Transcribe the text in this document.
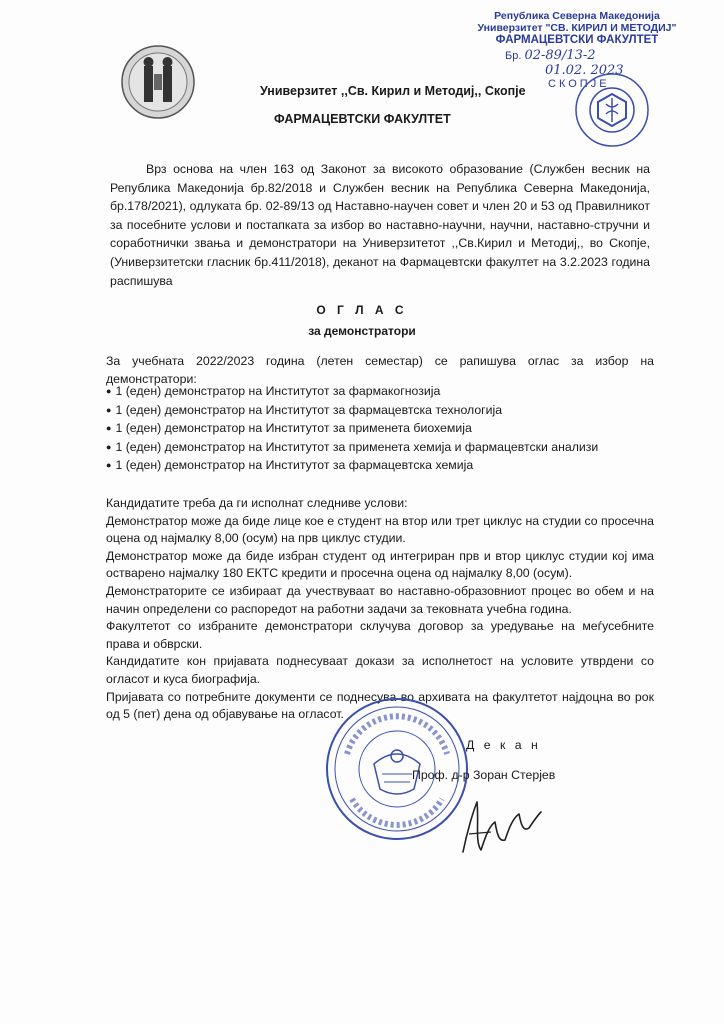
Универзитет ,,Св. Кирил и Методиј,, Скопје
ФАРМАЦЕВТСКИ ФАКУЛТЕТ
Република Северна Македонија
Универзитет "СВ. КИРИЛ И МЕТОДИЈ"
ФАРМАЦЕВТСКИ ФАКУЛТЕТ
Бр. 02-89/13-2
01.02. 2023
СКОПЈЕ
Врз основа на член 163 од Законот за високото образование (Службен весник на Република Македонија бр.82/2018 и Службен весник на Република Северна Македонија, бр.178/2021), одлуката бр. 02-89/13 од Наставно-научен совет и член 20 и 53 од Правилникот за посебните услови и постапката за избор во наставно-научни, научни, наставно-стручни и соработнички звања и демонстратори на Универзитетот ,,Св.Кирил и Методиј,, во Скопје, (Универзитетски гласник бр.411/2018), деканот на Фармацевтски факултет на 3.2.2023 година распишува
О Г Л А С
за демонстратори
За учебната 2022/2023 година (летен семестар) се рапишува оглас за избор на демонстратори:
● 1 (еден) демонстратор на Институтот за фармакогнозија
● 1 (еден) демонстратор на Институтот за фармацевтска технологија
● 1 (еден) демонстратор на Институтот за применета биохемија
● 1 (еден) демонстратор на Институтот за применета хемија и фармацевтски анализи
● 1 (еден) демонстратор на Институтот за фармацевтска хемија

Кандидатите треба да ги исполнат следниве услови:

Демонстратор може да биде лице кое е студент на втор или трет циклус на студии со просечна оцена од најмалку 8,00 (осум) на прв циклус студии.

Демонстратор може да биде избран студент од интегриран прв и втор циклус студии кој има остварено најмалку 180 ЕКТС кредити и просечна оцена од најмалку 8,00 (осум).

Демонстраторите се избираат да учествуваат во наставно-образовниот процес во обем и на начин определени со распоредот на работни задачи за тековната учебна година.

Факултетот со избраните демонстратори склучува договор за уредување на меѓусебните права и обврски.

Кандидатите кон пријавата поднесуваат докази за исполнетост на условите утврдени со огласот и куса биографија.

Пријавата со потребните документи се поднесува во архивата на факултетот најдоцна во рок од 5 (пет) дена од објавување на огласот.

Д е к а н
Проф. д-р Зоран Стерјев
